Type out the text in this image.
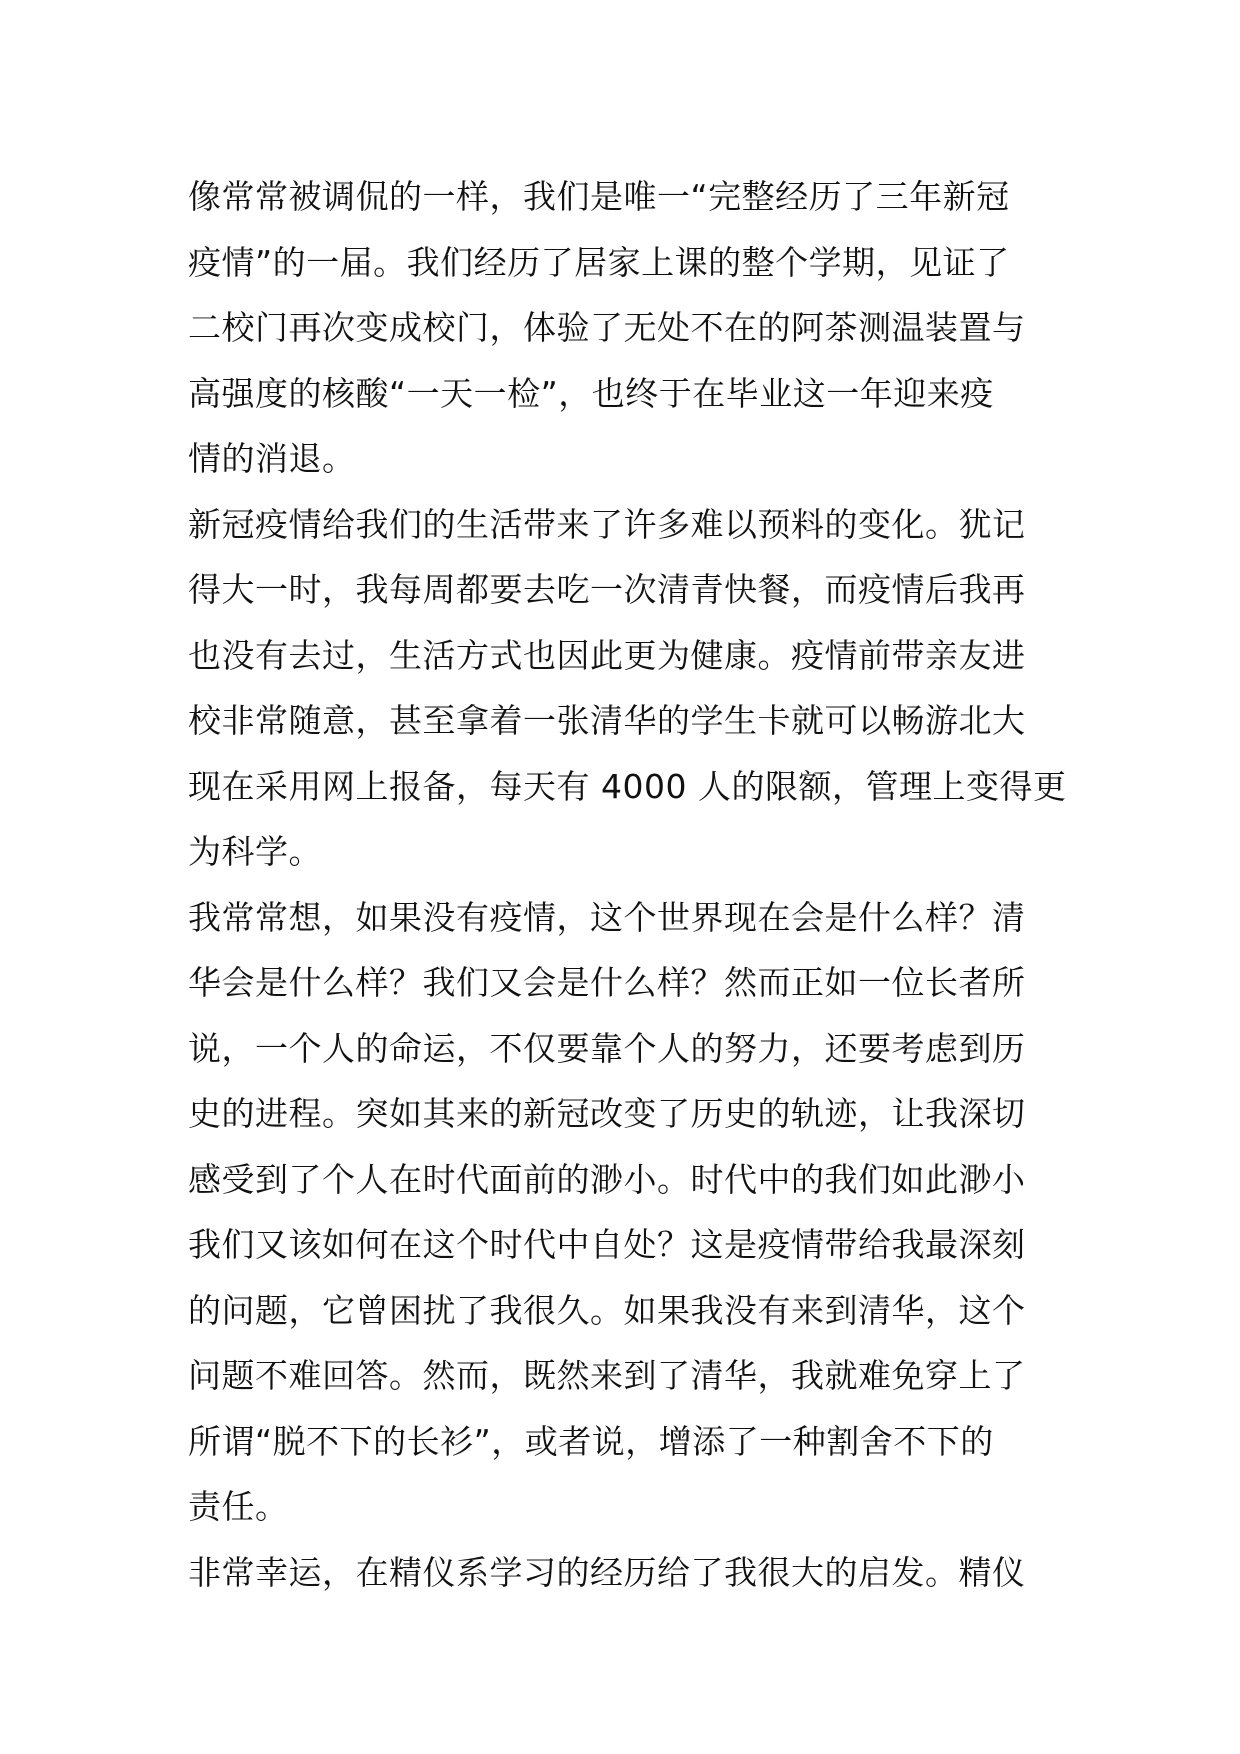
像常常被调侃的一样，我们是唯一“完整经历了三年新冠
疫情”的一届。我们经历了居家上课的整个学期，见证了
二校门再次变成校门，体验了无处不在的阿茶测温装置与
高强度的核酸“一天一检”，也终于在毕业这一年迎来疫
情的消退。
新冠疫情给我们的生活带来了许多难以预料的变化。犹记
得大一时，我每周都要去吃一次清青快餐，而疫情后我再
也没有去过，生活方式也因此更为健康。疫情前带亲友进
校非常随意，甚至拿着一张清华的学生卡就可以畅游北大
现在采用网上报备，每天有 4000 人的限额，管理上变得更
为科学。
我常常想，如果没有疫情，这个世界现在会是什么样？清
华会是什么样？我们又会是什么样？然而正如一位长者所
说，一个人的命运，不仅要靠个人的努力，还要考虑到历
史的进程。突如其来的新冠改变了历史的轨迹，让我深切
感受到了个人在时代面前的渺小。时代中的我们如此渺小
我们又该如何在这个时代中自处？这是疫情带给我最深刻
的问题，它曾困扰了我很久。如果我没有来到清华，这个
问题不难回答。然而，既然来到了清华，我就难免穿上了
所谓“脱不下的长衫”，或者说，增添了一种割舍不下的
责任。
非常幸运，在精仪系学习的经历给了我很大的启发。精仪
